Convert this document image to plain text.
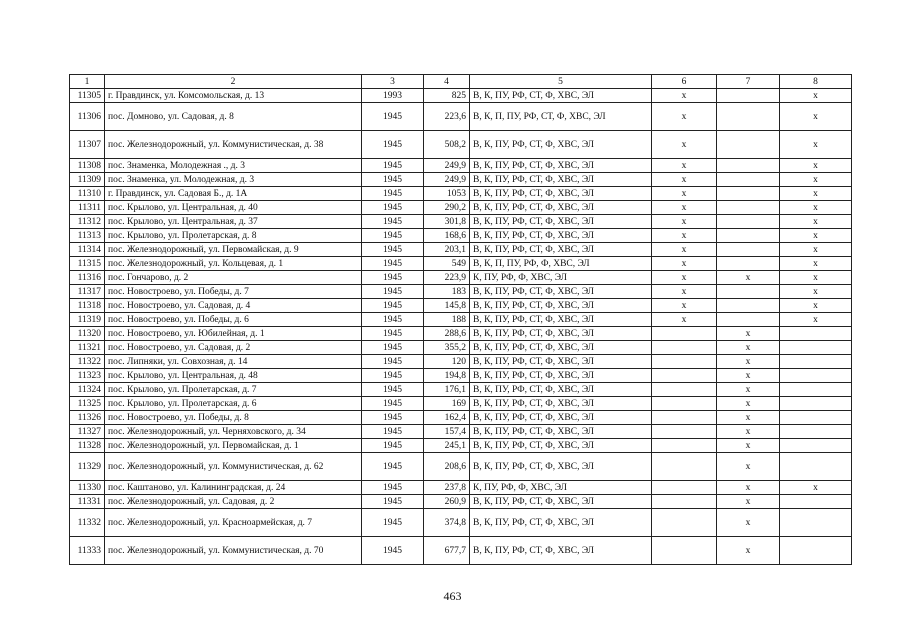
1	2	3	4	5	6	7	8
11305	г. Правдинск, ул. Комсомольская, д. 13	1993	825	В, К, ПУ, РФ, СТ, Ф, ХВС, ЭЛ	x		x
11306	пос. Домново, ул. Садовая, д. 8	1945	223,6	В, К, П, ПУ, РФ, СТ, Ф, ХВС, ЭЛ	x		x
11307	пос. Железнодорожный, ул. Коммунистическая, д. 38	1945	508,2	В, К, ПУ, РФ, СТ, Ф, ХВС, ЭЛ	x		x
11308	пос. Знаменка, Молодежная ., д. 3	1945	249,9	В, К, ПУ, РФ, СТ, Ф, ХВС, ЭЛ	x		x
11309	пос. Знаменка, ул. Молодежная, д. 3	1945	249,9	В, К, ПУ, РФ, СТ, Ф, ХВС, ЭЛ	x		x
11310	г. Правдинск, ул. Садовая Б., д. 1А	1945	1053	В, К, ПУ, РФ, СТ, Ф, ХВС, ЭЛ	x		x
11311	пос. Крылово, ул. Центральная, д. 40	1945	290,2	В, К, ПУ, РФ, СТ, Ф, ХВС, ЭЛ	x		x
11312	пос. Крылово, ул. Центральная, д. 37	1945	301,8	В, К, ПУ, РФ, СТ, Ф, ХВС, ЭЛ	x		x
11313	пос. Крылово, ул. Пролетарская, д. 8	1945	168,6	В, К, ПУ, РФ, СТ, Ф, ХВС, ЭЛ	x		x
11314	пос. Железнодорожный, ул. Первомайская, д. 9	1945	203,1	В, К, ПУ, РФ, СТ, Ф, ХВС, ЭЛ	x		x
11315	пос. Железнодорожный, ул. Кольцевая, д. 1	1945	549	В, К, П, ПУ, РФ, Ф, ХВС, ЭЛ	x		x
11316	пос. Гончарово, д. 2	1945	223,9	К, ПУ, РФ, Ф, ХВС, ЭЛ	x	x	x
11317	пос. Новостроево, ул. Победы, д. 7	1945	183	В, К, ПУ, РФ, СТ, Ф, ХВС, ЭЛ	x		x
11318	пос. Новостроево, ул. Садовая, д. 4	1945	145,8	В, К, ПУ, РФ, СТ, Ф, ХВС, ЭЛ	x		x
11319	пос. Новостроево, ул. Победы, д. 6	1945	188	В, К, ПУ, РФ, СТ, Ф, ХВС, ЭЛ	x		x
11320	пос. Новостроево, ул. Юбилейная, д. 1	1945	288,6	В, К, ПУ, РФ, СТ, Ф, ХВС, ЭЛ		x	
11321	пос. Новостроево, ул. Садовая, д. 2	1945	355,2	В, К, ПУ, РФ, СТ, Ф, ХВС, ЭЛ		x	
11322	пос. Липняки, ул. Совхозная, д. 14	1945	120	В, К, ПУ, РФ, СТ, Ф, ХВС, ЭЛ		x	
11323	пос. Крылово, ул. Центральная, д. 48	1945	194,8	В, К, ПУ, РФ, СТ, Ф, ХВС, ЭЛ		x	
11324	пос. Крылово, ул. Пролетарская, д. 7	1945	176,1	В, К, ПУ, РФ, СТ, Ф, ХВС, ЭЛ		x	
11325	пос. Крылово, ул. Пролетарская, д. 6	1945	169	В, К, ПУ, РФ, СТ, Ф, ХВС, ЭЛ		x	
11326	пос. Новостроево, ул. Победы, д. 8	1945	162,4	В, К, ПУ, РФ, СТ, Ф, ХВС, ЭЛ		x	
11327	пос. Железнодорожный, ул. Черняховского, д. 34	1945	157,4	В, К, ПУ, РФ, СТ, Ф, ХВС, ЭЛ		x	
11328	пос. Железнодорожный, ул. Первомайская, д. 1	1945	245,1	В, К, ПУ, РФ, СТ, Ф, ХВС, ЭЛ		x	
11329	пос. Железнодорожный, ул. Коммунистическая, д. 62	1945	208,6	В, К, ПУ, РФ, СТ, Ф, ХВС, ЭЛ		x	
11330	пос. Каштаново, ул. Калининградская, д. 24	1945	237,8	К, ПУ, РФ, Ф, ХВС, ЭЛ		x	x
11331	пос. Железнодорожный, ул. Садовая, д. 2	1945	260,9	В, К, ПУ, РФ, СТ, Ф, ХВС, ЭЛ		x	
11332	пос. Железнодорожный, ул. Красноармейская, д. 7	1945	374,8	В, К, ПУ, РФ, СТ, Ф, ХВС, ЭЛ		x	
11333	пос. Железнодорожный, ул. Коммунистическая, д. 70	1945	677,7	В, К, ПУ, РФ, СТ, Ф, ХВС, ЭЛ		x	
463
